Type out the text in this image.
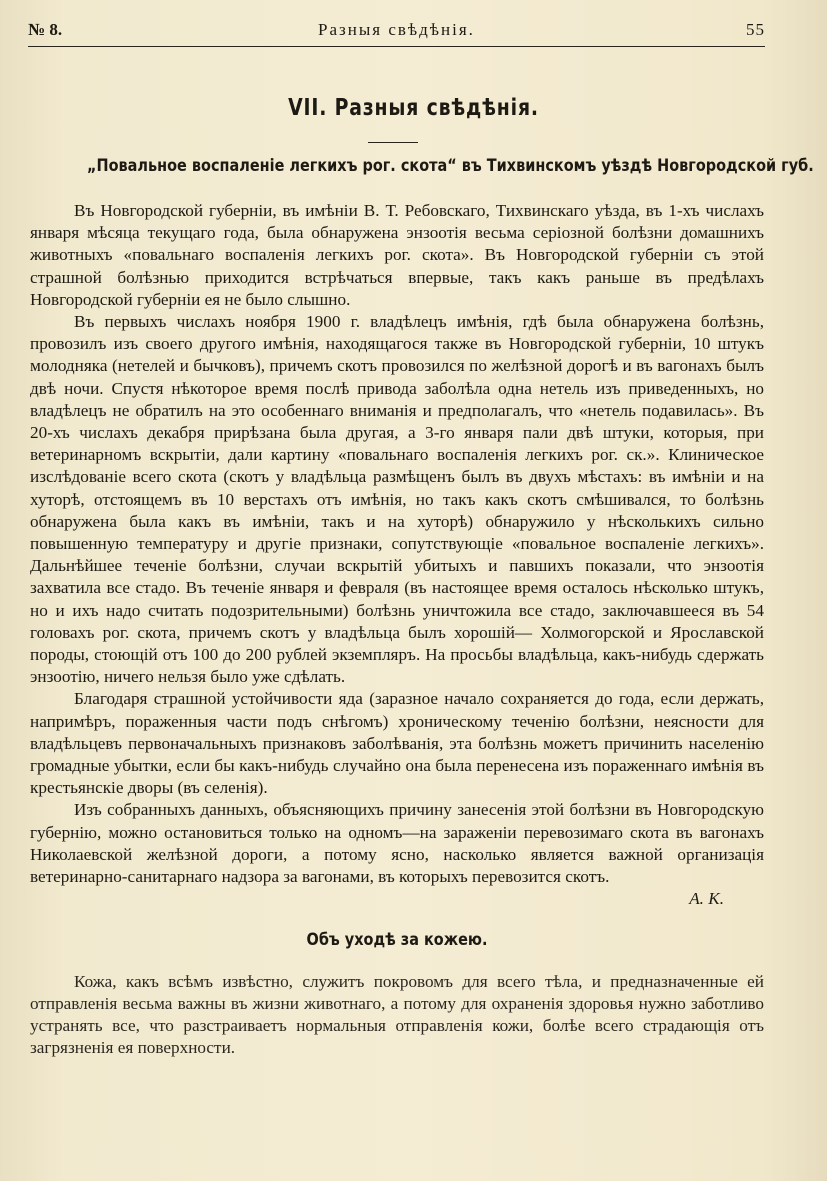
№ 8.	Разныя свѣдѣнія.	55
VII. Разныя свѣдѣнія.
„Повальное воспаленіе легкихъ рог. скота“ въ Тихвинскомъ уѣздѣ Новгородской губ.

Въ Новгородской губерніи, въ имѣніи В. Т. Ребовскаго, Тихвинскаго уѣзда, въ 1-хъ числахъ января мѣсяца текущаго года, была обнаружена энзоотія весьма серіозной болѣзни домашнихъ животныхъ «повальнаго воспаленія легкихъ рог. скота». Въ Новгородской губерніи съ этой страшной болѣзнью приходится встрѣчаться впервые, такъ какъ раньше въ предѣлахъ Новгородской губерніи ея не было слышно.

Въ первыхъ числахъ ноября 1900 г. владѣлецъ имѣнія, гдѣ была обнаружена болѣзнь, провозилъ изъ своего другого имѣнія, находящагося также въ Новгородской губерніи, 10 штукъ молодняка (нетелей и бычковъ), причемъ скотъ провозился по желѣзной дорогѣ и въ вагонахъ былъ двѣ ночи. Спустя нѣкоторое время послѣ привода заболѣла одна нетель изъ приведенныхъ, но владѣлецъ не обратилъ на это особеннаго вниманія и предполагалъ, что «нетель подавилась». Въ 20-хъ числахъ декабря прирѣзана была другая, а 3-го января пали двѣ штуки, которыя, при ветеринарномъ вскрытіи, дали картину «повальнаго воспаленія легкихъ рог. ск.». Клиническое изслѣдованіе всего скота (скотъ у владѣльца размѣщенъ былъ въ двухъ мѣстахъ: въ имѣніи и на хуторѣ, отстоящемъ въ 10 верстахъ отъ имѣнія, но такъ какъ скотъ смѣшивался, то болѣзнь обнаружена была какъ въ имѣніи, такъ и на хуторѣ) обнаружило у нѣсколькихъ сильно повышенную температуру и другіе признаки, сопутствующіе «повальное воспаленіе легкихъ». Дальнѣйшее теченіе болѣзни, случаи вскрытій убитыхъ и павшихъ показали, что энзоотія захватила все стадо. Въ теченіе января и февраля (въ настоящее время осталось нѣсколько штукъ, но и ихъ надо считать подозрительными) болѣзнь уничтожила все стадо, заключавшееся въ 54 головахъ рог. скота, причемъ скотъ у владѣльца былъ хорошій— Холмогорской и Ярославской породы, стоющій отъ 100 до 200 рублей экземпляръ. На просьбы владѣльца, какъ-нибудь сдержать энзоотію, ничего нельзя было уже сдѣлать.

Благодаря страшной устойчивости яда (заразное начало сохраняется до года, если держать, напримѣръ, пораженныя части подъ снѣгомъ) хроническому теченію болѣзни, неясности для владѣльцевъ первоначальныхъ признаковъ заболѣванія, эта болѣзнь можетъ причинить населенію громадные убытки, если бы какъ-нибудь случайно она была перенесена изъ пораженнаго имѣнія въ крестьянскіе дворы (въ селенія).

Изъ собранныхъ данныхъ, объясняющихъ причину занесенія этой болѣзни въ Новгородскую губернію, можно остановиться только на одномъ—на зараженіи перевозимаго скота въ вагонахъ Николаевской желѣзной дороги, а потому ясно, насколько является важной организація ветеринарно-санитарнаго надзора за вагонами, въ которыхъ перевозится скотъ.

А. К.

Объ уходѣ за кожею.

Кожа, какъ всѣмъ извѣстно, служитъ покровомъ для всего тѣла, и предназначенные ей отправленія весьма важны въ жизни животнаго, а потому для охраненія здоровья нужно заботливо устранять все, что разстраиваетъ нормальныя отправленія кожи, болѣе всего страдающія отъ загрязненія ея поверхности.
